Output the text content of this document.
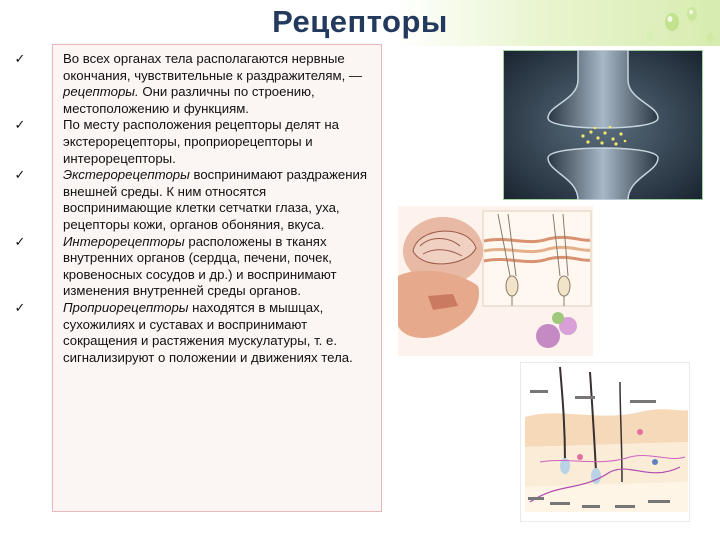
Рецепторы
✓	Во всех органах тела располагаются нервные окончания, чувствительные к раздражителям, — рецепторы. Они различны по строению, местоположению и функциям.
✓	По месту расположения рецепторы делят на экстерорецепторы, проприорецепторы и интерорецепторы.
✓	Экстерорецепторы воспринимают раздражения внешней среды. К ним относятся воспринимающие клетки сетчатки глаза, уха, рецепторы кожи, органов обоняния, вкуса.
✓	Интерорецепторы расположены в тканях внутренних органов (сердца, печени, почек, кровеносных сосудов и др.) и воспринимают изменения внутренней среды органов.
✓	Проприорецепторы находятся в мышцах, сухожилиях и суставах и воспринимают сокращения и растяжения мускулатуры, т. е. сигнализируют о положении и движениях тела.
